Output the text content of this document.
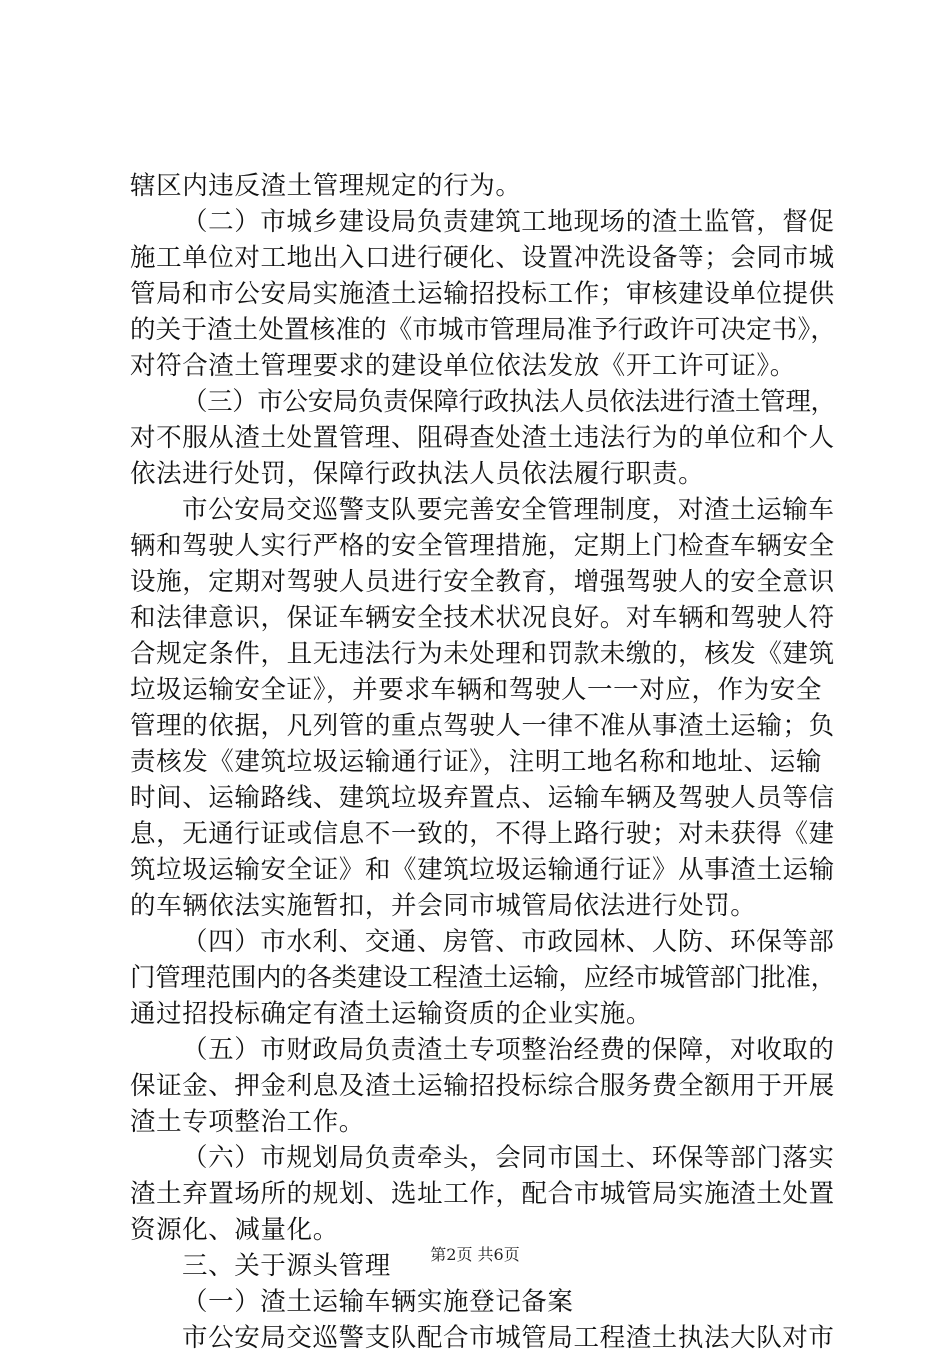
辖区内违反渣土管理规定的行为。
（二）市城乡建设局负责建筑工地现场的渣土监管，督促
施工单位对工地出入口进行硬化、设置冲洗设备等；会同市城
管局和市公安局实施渣土运输招投标工作；审核建设单位提供
的关于渣土处置核准的《市城市管理局准予行政许可决定书》，
对符合渣土管理要求的建设单位依法发放《开工许可证》。
（三）市公安局负责保障行政执法人员依法进行渣土管理，
对不服从渣土处置管理、阻碍查处渣土违法行为的单位和个人
依法进行处罚，保障行政执法人员依法履行职责。
市公安局交巡警支队要完善安全管理制度，对渣土运输车
辆和驾驶人实行严格的安全管理措施，定期上门检查车辆安全
设施，定期对驾驶人员进行安全教育，增强驾驶人的安全意识
和法律意识，保证车辆安全技术状况良好。对车辆和驾驶人符
合规定条件，且无违法行为未处理和罚款未缴的，核发《建筑
垃圾运输安全证》，并要求车辆和驾驶人一一对应，作为安全
管理的依据，凡列管的重点驾驶人一律不准从事渣土运输；负
责核发《建筑垃圾运输通行证》，注明工地名称和地址、运输
时间、运输路线、建筑垃圾弃置点、运输车辆及驾驶人员等信
息，无通行证或信息不一致的，不得上路行驶；对未获得《建
筑垃圾运输安全证》和《建筑垃圾运输通行证》从事渣土运输
的车辆依法实施暂扣，并会同市城管局依法进行处罚。
（四）市水利、交通、房管、市政园林、人防、环保等部
门管理范围内的各类建设工程渣土运输，应经市城管部门批准，
通过招投标确定有渣土运输资质的企业实施。
（五）市财政局负责渣土专项整治经费的保障，对收取的
保证金、押金利息及渣土运输招投标综合服务费全额用于开展
渣土专项整治工作。
（六）市规划局负责牵头，会同市国土、环保等部门落实
渣土弃置场所的规划、选址工作，配合市城管局实施渣土处置
资源化、减量化。
三、关于源头管理
（一）渣土运输车辆实施登记备案
市公安局交巡警支队配合市城管局工程渣土执法大队对市
第2页 共6页
